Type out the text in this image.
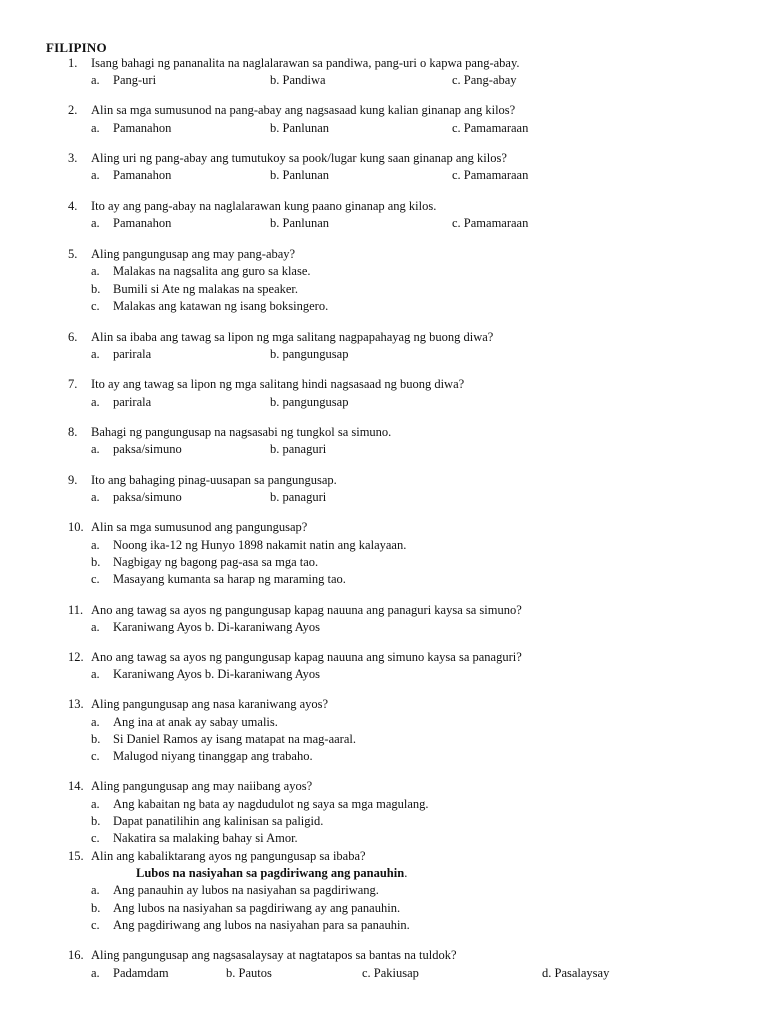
FILIPINO
1. Isang bahagi ng pananalita na naglalarawan sa pandiwa, pang-uri o kapwa pang-abay.
a. Pang-uri	b. Pandiwa	c. Pang-abay
2. Alin sa mga sumusunod na pang-abay ang nagsasaad kung kalian ginanap ang kilos?
a. Pamanahon	b. Panlunan	c. Pamamaraan
3. Aling uri ng pang-abay ang tumutukoy sa pook/lugar kung saan ginanap ang kilos?
a. Pamanahon	b. Panlunan	c. Pamamaraan
4. Ito ay ang pang-abay na naglalarawan kung paano ginanap ang kilos.
a. Pamanahon	b. Panlunan	c. Pamamaraan
5. Aling pangungusap ang may pang-abay?
a. Malakas na nagsalita ang guro sa klase.
b. Bumili si Ate ng malakas na speaker.
c. Malakas ang katawan ng isang boksingero.
6. Alin sa ibaba ang tawag sa lipon ng mga salitang nagpapahayag ng buong diwa?
a. parirala	b. pangungusap
7. Ito ay ang tawag sa lipon ng mga salitang hindi nagsasaad ng buong diwa?
a. parirala	b. pangungusap
8. Bahagi ng pangungusap na nagsasabi ng tungkol sa simuno.
a. paksa/simuno	b. panaguri
9. Ito ang bahaging pinag-uusapan sa pangungusap.
a. paksa/simuno	b. panaguri
10. Alin sa mga sumusunod ang pangungusap?
a. Noong ika-12 ng Hunyo 1898 nakamit natin ang kalayaan.
b. Nagbigay ng bagong pag-asa sa mga tao.
c. Masayang kumanta sa harap ng maraming tao.
11. Ano ang tawag sa ayos ng pangungusap kapag nauuna ang panaguri kaysa sa simuno?
a. Karaniwang Ayos b. Di-karaniwang Ayos
12. Ano ang tawag sa ayos ng pangungusap kapag nauuna ang simuno kaysa sa panaguri?
a. Karaniwang Ayos b. Di-karaniwang Ayos
13. Aling pangungusap ang nasa karaniwang ayos?
a. Ang ina at anak ay sabay umalis.
b. Si Daniel Ramos ay isang matapat na mag-aaral.
c. Malugod niyang tinanggap ang trabaho.
14. Aling pangungusap ang may naiibang ayos?
a. Ang kabaitan ng bata ay nagdudulot ng saya sa mga magulang.
b. Dapat panatilihin ang kalinisan sa paligid.
c. Nakatira sa malaking bahay si Amor.
15. Alin ang kabaliktarang ayos ng pangungusap sa ibaba?
Lubos na nasiyahan sa pagdiriwang ang panauhin.
a. Ang panauhin ay lubos na nasiyahan sa pagdiriwang.
b. Ang lubos na nasiyahan sa pagdiriwang ay ang panauhin.
c. Ang pagdiriwang ang lubos na nasiyahan para sa panauhin.
16. Aling pangungusap ang nagsasalaysay at nagtatapos sa bantas na tuldok?
a. Padamdam	b. Pautos	c. Pakiusap	d. Pasalaysay
